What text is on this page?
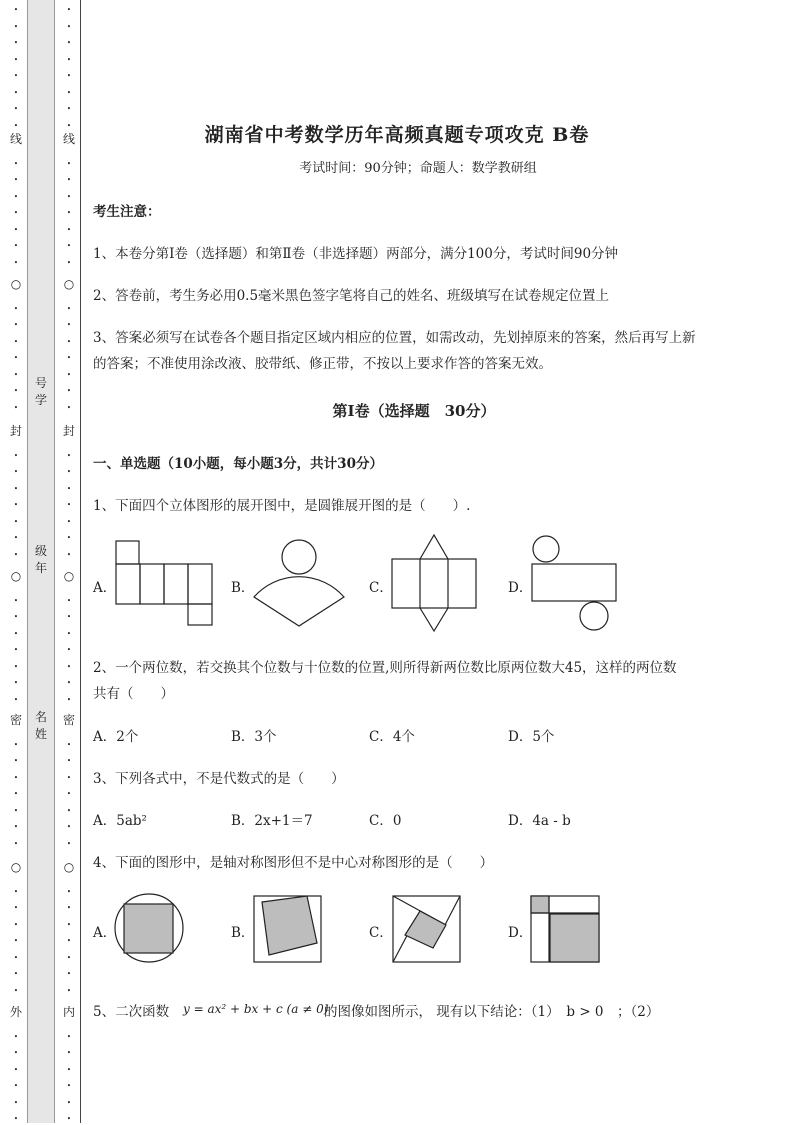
•
•
•
•
•
•
•
•
线
•
•
•
•
•
•
•
○
•
•
•
•
•
•
•
封
•
•
•
•
•
•
•
○
•
•
•
•
•
•
•
密
•
•
•
•
•
•
•
○
•
•
•
•
•
•
•
外
•
•
•
•
•
•
•
•
•
•
•
•
•
•
线
•
•
•
•
•
•
•
○
•
•
•
•
•
•
•
封
•
•
•
•
•
•
•
○
•
•
•
•
•
•
•
密
•
•
•
•
•
•
•
○
•
•
•
•
•
•
•
内
•
•
•
•
•
•
号学
级年
名姓
湖南省中考数学历年高频真题专项攻克 B卷
考试时间：90分钟；命题人：数学教研组
考生注意：
1、本卷分第I卷（选择题）和第Ⅱ卷（非选择题）两部分，满分100分，考试时间90分钟
2、答卷前，考生务必用0.5毫米黑色签字笔将自己的姓名、班级填写在试卷规定位置上
3、答案必须写在试卷各个题目指定区域内相应的位置，如需改动，先划掉原来的答案，然后再写上新
的答案；不准使用涂改液、胶带纸、修正带，不按以上要求作答的答案无效。
第I卷（选择题　30分）
一、单选题（10小题，每小题3分，共计30分）
1、下面四个立体图形的展开图中，是圆锥展开图的是（　　）.
A．	B．	C．	D．
2、一个两位数，若交换其个位数与十位数的位置,则所得新两位数比原两位数大45，这样的两位数
共有（　　）
A．2个	B．3个	C．4个	D．5个
3、下列各式中，不是代数式的是（　　）
A．5ab²	B．2x+1＝7	C．0	D．4a - b
4、下面的图形中，是轴对称图形但不是中心对称图形的是（　　）
A．	B．	C．	D．
5、二次函数 y = ax² + bx + c (a ≠ 0)
的图像如图所示， 现有以下结论：（1）　b > 0　；（2）
